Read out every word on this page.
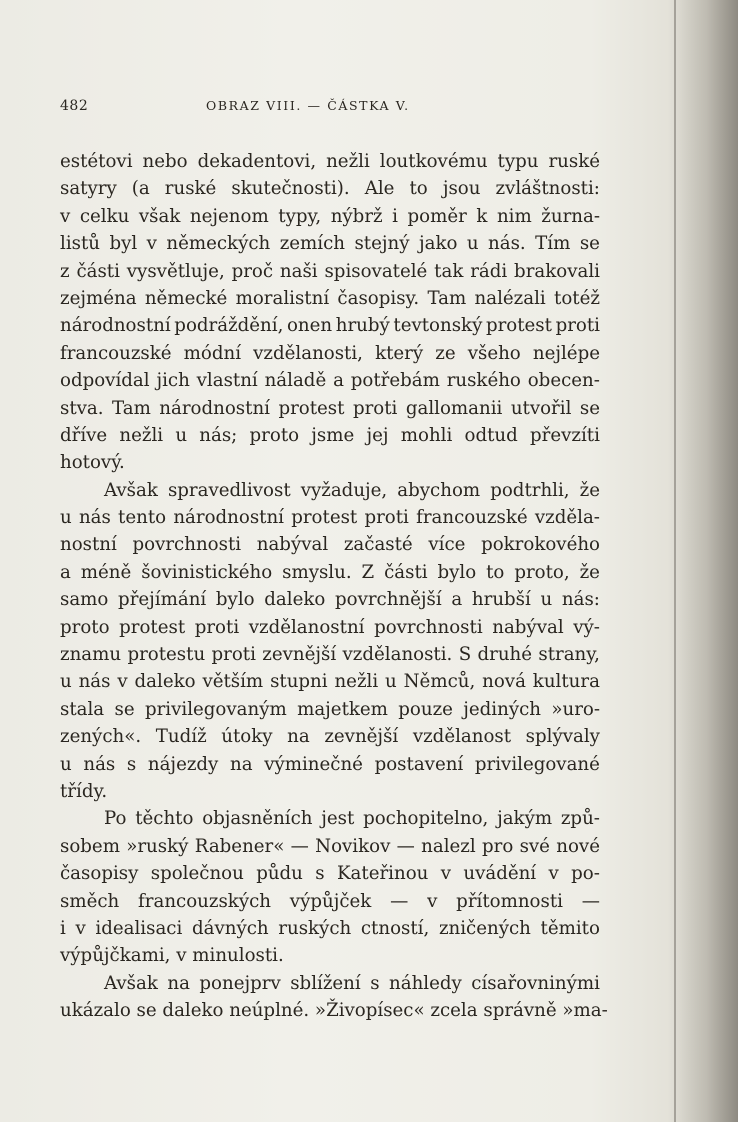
482	OBRAZ VIII. — ČÁSTKA V.
estétovi nebo dekadentovi, nežli loutkovému typu ruské
satyry (a ruské skutečnosti). Ale to jsou zvláštnosti:
v celku však nejenom typy, nýbrž i poměr k nim žurna-
listů byl v německých zemích stejný jako u nás. Tím se
z části vysvětluje, proč naši spisovatelé tak rádi brakovali
zejména německé moralistní časopisy. Tam nalézali totéž
národnostní podráždění, onen hrubý tevtonský protest proti
francouzské módní vzdělanosti, který ze všeho nejlépe
odpovídal jich vlastní náladě a potřebám ruského obecen-
stva. Tam národnostní protest proti gallomanii utvořil se
dříve nežli u nás; proto jsme jej mohli odtud převzíti
hotový.
Avšak spravedlivost vyžaduje, abychom podtrhli, že
u nás tento národnostní protest proti francouzské vzděla-
nostní povrchnosti nabýval začasté více pokrokového
a méně šovinistického smyslu. Z části bylo to proto, že
samo přejímání bylo daleko povrchnější a hrubší u nás:
proto protest proti vzdělanostní povrchnosti nabýval vý-
znamu protestu proti zevnější vzdělanosti. S druhé strany,
u nás v daleko větším stupni nežli u Němců, nová kultura
stala se privilegovaným majetkem pouze jediných »uro-
zených«. Tudíž útoky na zevnější vzdělanost splývaly
u nás s nájezdy na výminečné postavení privilegované
třídy.
Po těchto objasněních jest pochopitelno, jakým způ-
sobem »ruský Rabener« — Novikov — nalezl pro své nové
časopisy společnou půdu s Kateřinou v uvádění v po-
směch francouzských výpůjček — v přítomnosti —
i v idealisaci dávných ruských ctností, zničených těmito
výpůjčkami, v minulosti.
Avšak na ponejprv sblížení s náhledy císařovninými
ukázalo se daleko neúplné. »Živopísec« zcela správně »ma-
